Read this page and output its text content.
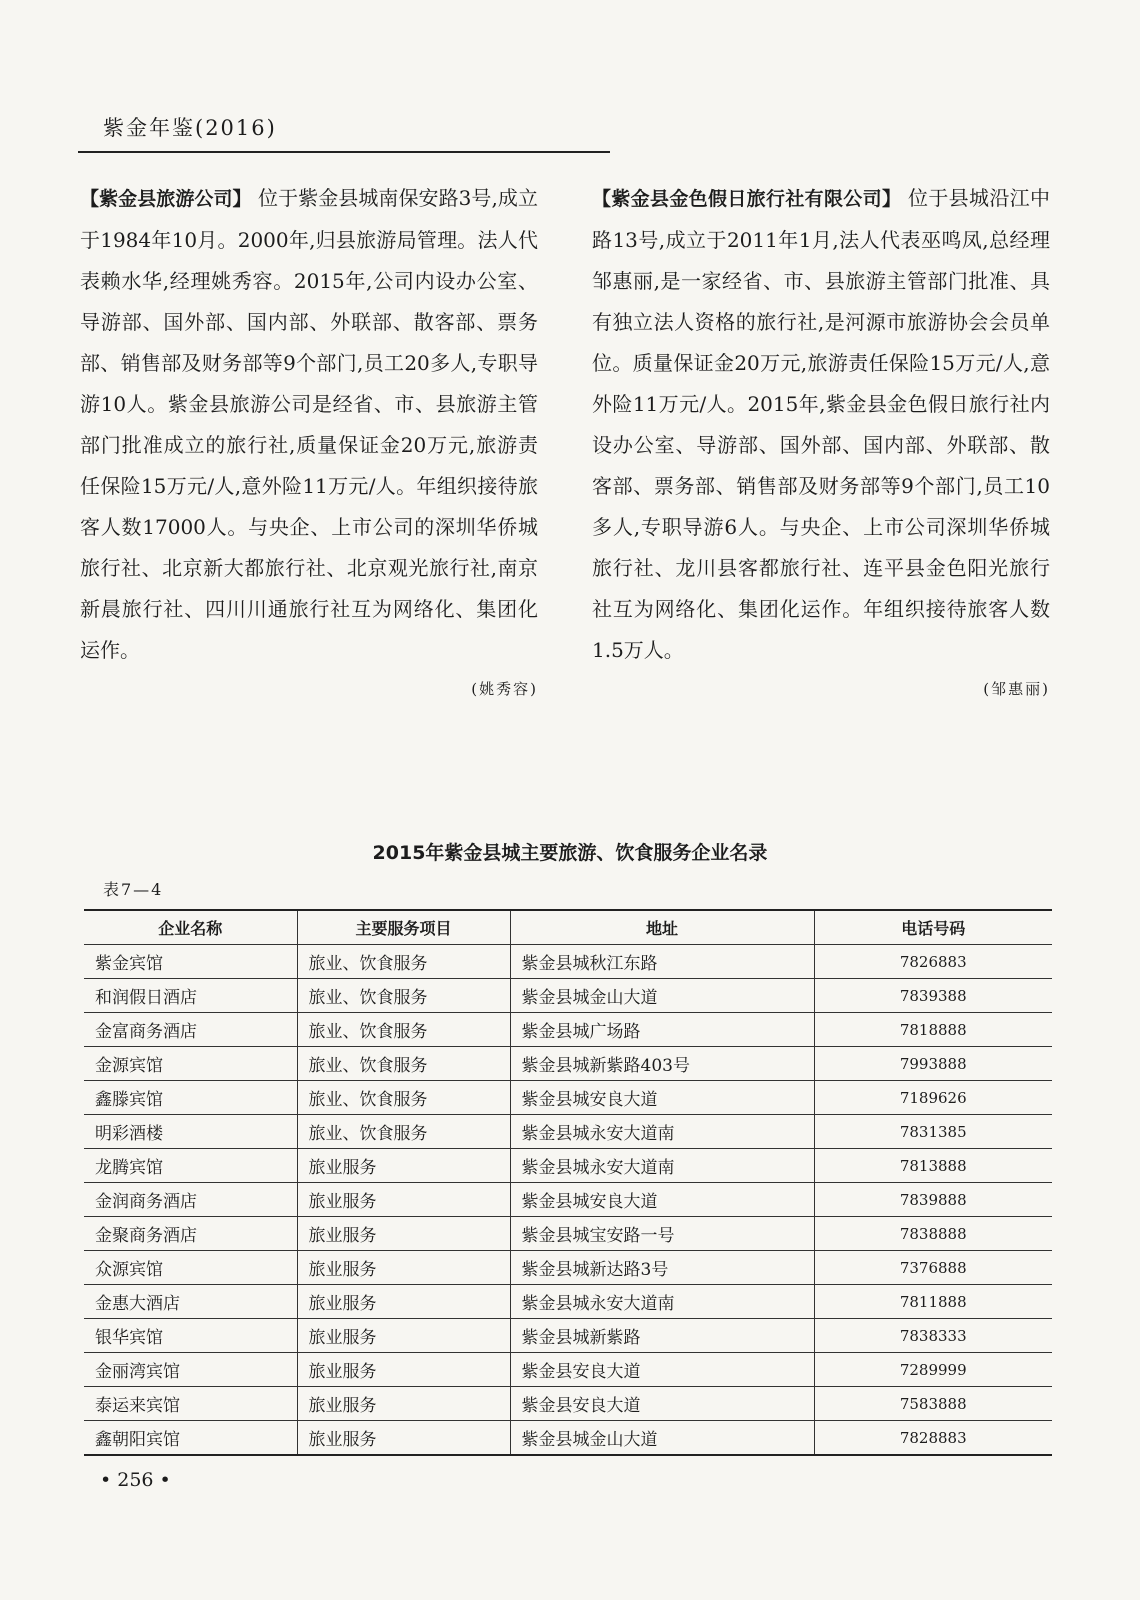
紫金年鉴(2016)

【紫金县旅游公司】 位于紫金县城南保安路3号,成立于1984年10月。2000年,归县旅游局管理。法人代表赖水华,经理姚秀容。2015年,公司内设办公室、导游部、国外部、国内部、外联部、散客部、票务部、销售部及财务部等9个部门,员工20多人,专职导游10人。紫金县旅游公司是经省、市、县旅游主管部门批准成立的旅行社,质量保证金20万元,旅游责任保险15万元/人,意外险11万元/人。年组织接待旅客人数17000人。与央企、上市公司的深圳华侨城旅行社、北京新大都旅行社、北京观光旅行社,南京新晨旅行社、四川川通旅行社互为网络化、集团化运作。

(姚秀容)

【紫金县金色假日旅行社有限公司】 位于县城沿江中路13号,成立于2011年1月,法人代表巫鸣凤,总经理邹惠丽,是一家经省、市、县旅游主管部门批准、具有独立法人资格的旅行社,是河源市旅游协会会员单位。质量保证金20万元,旅游责任保险15万元/人,意外险11万元/人。2015年,紫金县金色假日旅行社内设办公室、导游部、国外部、国内部、外联部、散客部、票务部、销售部及财务部等9个部门,员工10多人,专职导游6人。与央企、上市公司深圳华侨城旅行社、龙川县客都旅行社、连平县金色阳光旅行社互为网络化、集团化运作。年组织接待旅客人数1.5万人。

(邹惠丽)
2015年紫金县城主要旅游、饮食服务企业名录
表7—4
企业名称	主要服务项目	地址	电话号码
紫金宾馆	旅业、饮食服务	紫金县城秋江东路	7826883
和润假日酒店	旅业、饮食服务	紫金县城金山大道	7839388
金富商务酒店	旅业、饮食服务	紫金县城广场路	7818888
金源宾馆	旅业、饮食服务	紫金县城新紫路403号	7993888
鑫滕宾馆	旅业、饮食服务	紫金县城安良大道	7189626
明彩酒楼	旅业、饮食服务	紫金县城永安大道南	7831385
龙腾宾馆	旅业服务	紫金县城永安大道南	7813888
金润商务酒店	旅业服务	紫金县城安良大道	7839888
金聚商务酒店	旅业服务	紫金县城宝安路一号	7838888
众源宾馆	旅业服务	紫金县城新达路3号	7376888
金惠大酒店	旅业服务	紫金县城永安大道南	7811888
银华宾馆	旅业服务	紫金县城新紫路	7838333
金丽湾宾馆	旅业服务	紫金县安良大道	7289999
泰运来宾馆	旅业服务	紫金县安良大道	7583888
鑫朝阳宾馆	旅业服务	紫金县城金山大道	7828883
• 256 •
